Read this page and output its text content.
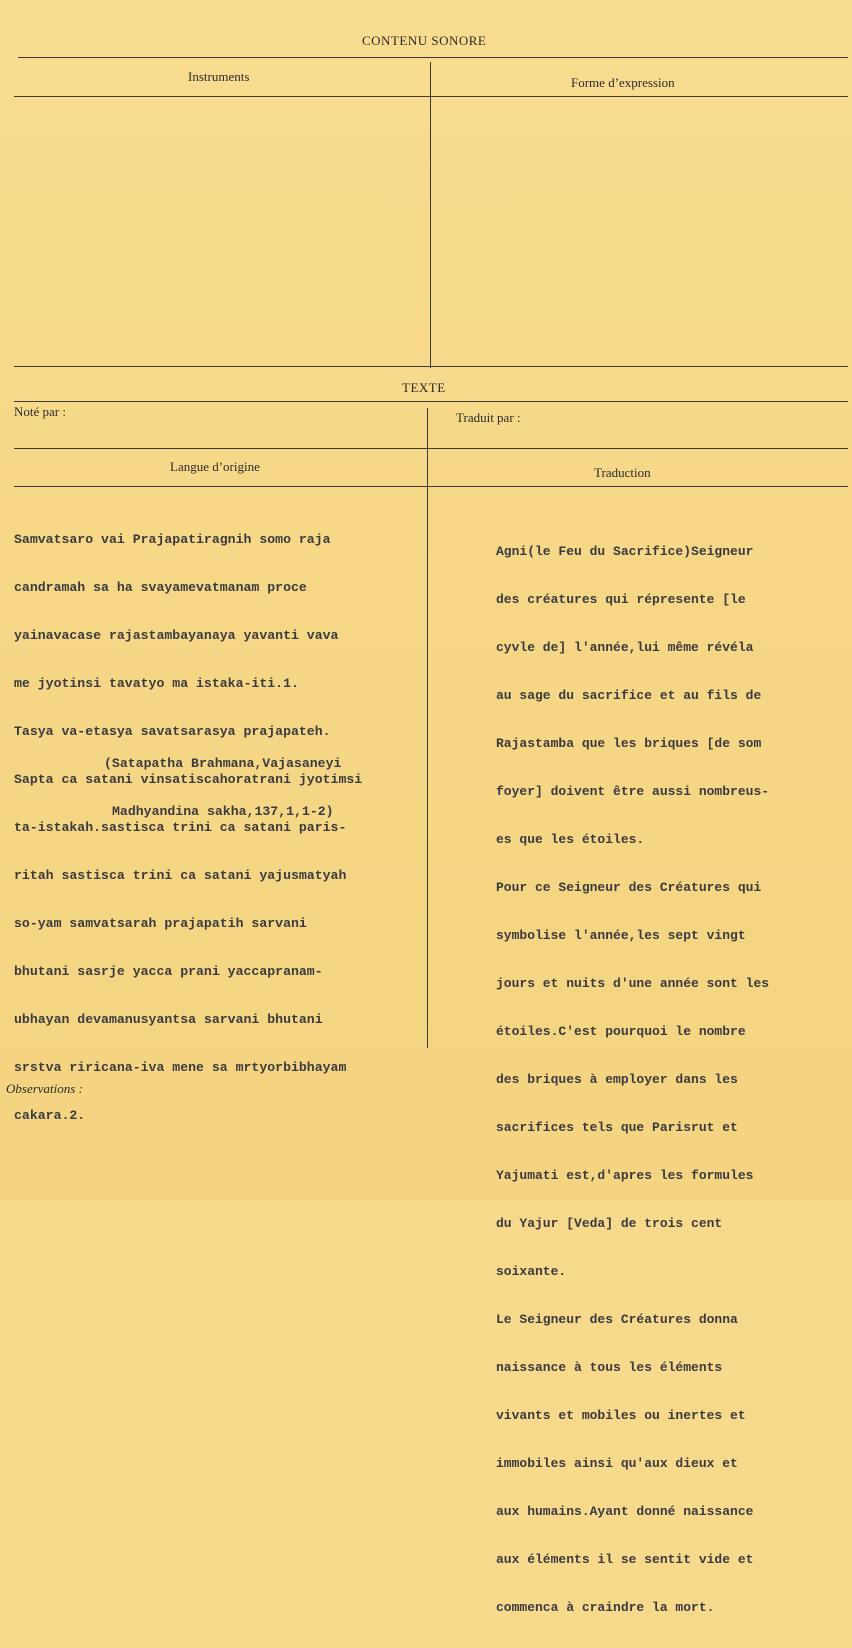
CONTENU SONORE
Instruments	Forme d’expression
TEXTE
Noté par :	Traduit par :
Langue d’origine	Traduction

Samvatsaro vai Prajapatiragnih somo raja

candramah sa ha svayamevatmanam proce

yainavacase rajastambayanaya yavanti vava

me jyotinsi tavatyo ma istaka-iti.1.

Tasya va-etasya savatsarasya prajapateh.

Sapta ca satani vinsatiscahoratrani jyotimsi

ta-istakah.sastisca trini ca satani paris-

ritah sastisca trini ca satani yajusmatyah

so-yam samvatsarah prajapatih sarvani

bhutani sasrje yacca prani yaccapranam-

ubhayan devamanusyantsa sarvani bhutani

srstva riricana-iva mene sa mrtyorbibhayam

cakara.2.

(Satapatha Brahmana,Vajasaneyi

Madhyandina sakha,137,1,1-2)

Agni(le Feu du Sacrifice)Seigneur

des créatures qui répresente [le

cyvle de] l'année,lui même révéla

au sage du sacrifice et au fils de

Rajastamba que les briques [de som

foyer] doivent être aussi nombreus-

es que les étoiles.

Pour ce Seigneur des Créatures qui

symbolise l'année,les sept vingt

jours et nuits d'une année sont les

étoiles.C'est pourquoi le nombre

des briques à employer dans les

sacrifices tels que Parisrut et

Yajumati est,d'apres les formules

du Yajur [Veda] de trois cent

soixante.

Le Seigneur des Créatures donna

naissance à tous les éléments

vivants et mobiles ou inertes et

immobiles ainsi qu'aux dieux et

aux humains.Ayant donné naissance

aux éléments il se sentit vide et

commenca à craindre la mort.

Observations :
